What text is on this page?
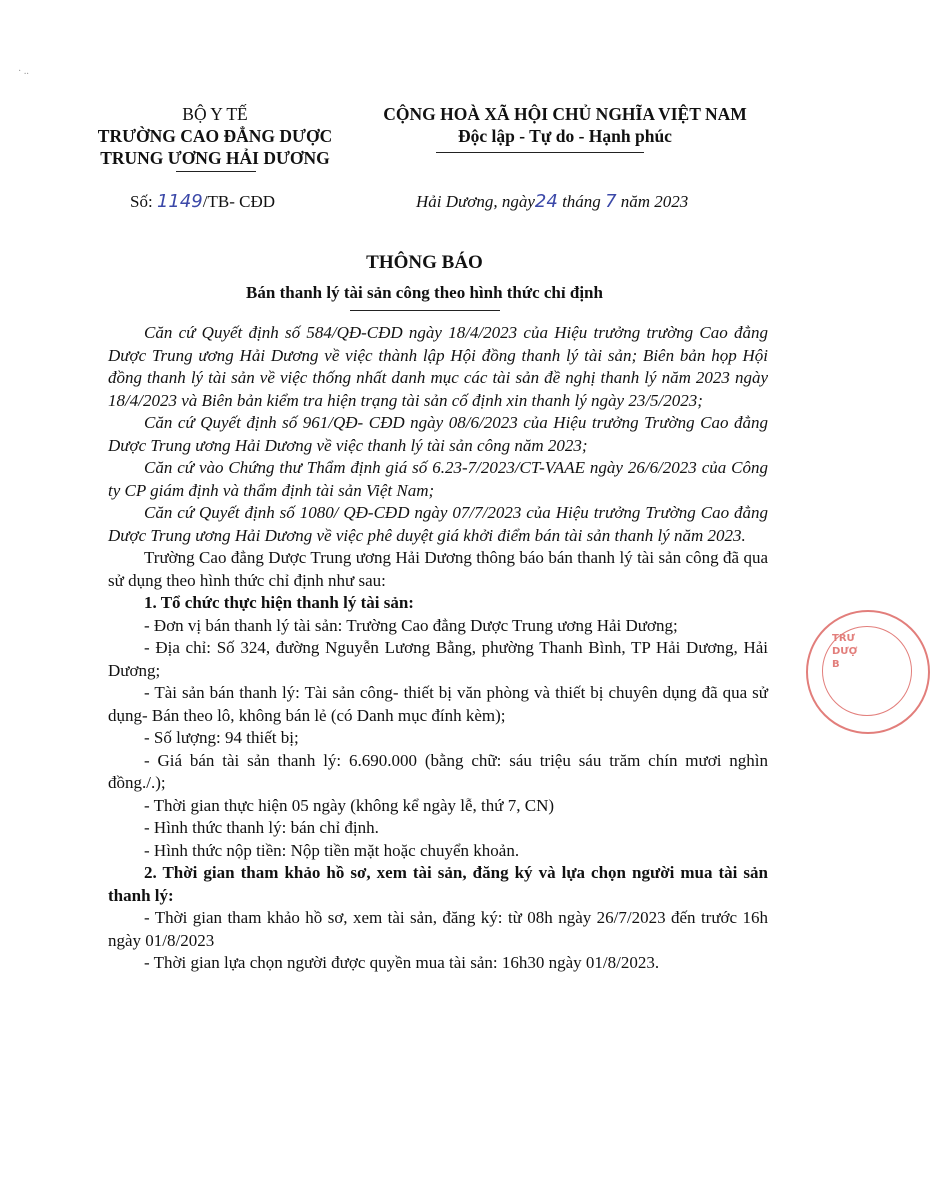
· ..
BỘ Y TẾ
TRƯỜNG CAO ĐẲNG DƯỢC
TRUNG ƯƠNG HẢI DƯƠNG
CỘNG HOÀ XÃ HỘI CHỦ NGHĨA VIỆT NAM
Độc lập - Tự do - Hạnh phúc
Số: 1149/TB- CĐD	Hải Dương, ngày24 tháng 7 năm 2023
THÔNG BÁO
Bán thanh lý tài sản công theo hình thức chỉ định

Căn cứ Quyết định số 584/QĐ-CĐD ngày 18/4/2023 của Hiệu trưởng trường Cao đẳng Dược Trung ương Hải Dương về việc thành lập Hội đồng thanh lý tài sản; Biên bản họp Hội đồng thanh lý tài sản về việc thống nhất danh mục các tài sản đề nghị thanh lý năm 2023 ngày 18/4/2023 và Biên bản kiểm tra hiện trạng tài sản cố định xin thanh lý ngày 23/5/2023;

Căn cứ Quyết định số 961/QĐ- CĐD ngày 08/6/2023 của Hiệu trưởng Trường Cao đẳng Dược Trung ương Hải Dương về việc thanh lý tài sản công năm 2023;

Căn cứ vào Chứng thư Thẩm định giá số 6.23-7/2023/CT-VAAE ngày 26/6/2023 của Công ty CP giám định và thẩm định tài sản Việt Nam;

Căn cứ Quyết định số 1080/ QĐ-CĐD ngày 07/7/2023 của Hiệu trưởng Trường Cao đẳng Dược Trung ương Hải Dương về việc phê duyệt giá khởi điểm bán tài sản thanh lý năm 2023.

Trường Cao đẳng Dược Trung ương Hải Dương thông báo bán thanh lý tài sản công đã qua sử dụng theo hình thức chỉ định như sau:

1. Tổ chức thực hiện thanh lý tài sản:

- Đơn vị bán thanh lý tài sản: Trường Cao đẳng Dược Trung ương Hải Dương;

- Địa chỉ: Số 324, đường Nguyễn Lương Bằng, phường Thanh Bình, TP Hải Dương, Hải Dương;

- Tài sản bán thanh lý: Tài sản công- thiết bị văn phòng và thiết bị chuyên dụng đã qua sử dụng- Bán theo lô, không bán lẻ (có Danh mục đính kèm);

- Số lượng: 94 thiết bị;

- Giá bán tài sản thanh lý: 6.690.000 (bằng chữ: sáu triệu sáu trăm chín mươi nghìn đồng./.);

- Thời gian thực hiện 05 ngày (không kể ngày lễ, thứ 7, CN)

- Hình thức thanh lý: bán chỉ định.

- Hình thức nộp tiền: Nộp tiền mặt hoặc chuyển khoản.

2. Thời gian tham khảo hồ sơ, xem tài sản, đăng ký và lựa chọn người mua tài sản thanh lý:

- Thời gian tham khảo hồ sơ, xem tài sản, đăng ký: từ 08h ngày 26/7/2023 đến trước 16h ngày 01/8/2023

- Thời gian lựa chọn người được quyền mua tài sản: 16h30 ngày 01/8/2023.

TRƯ
DƯỢ
B
